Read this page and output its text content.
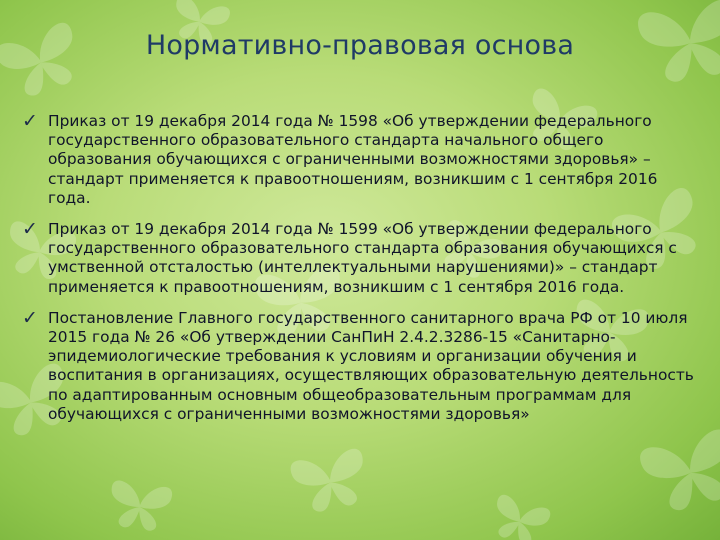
Нормативно-правовая основа
✓ Приказ от 19 декабря 2014 года № 1598 «Об утверждении федерального государственного образовательного стандарта начального общего образования обучающихся с ограниченными возможностями здоровья» – стандарт применяется к правоотношениям, возникшим с 1 сентября 2016 года.
✓ Приказ от 19 декабря 2014 года № 1599 «Об утверждении федерального государственного образовательного стандарта образования обучающихся с умственной отсталостью (интеллектуальными нарушениями)» – стандарт применяется к правоотношениям, возникшим с 1 сентября 2016 года.
✓ Постановление Главного государственного санитарного врача РФ от 10 июля 2015 года № 26 «Об утверждении СанПиН 2.4.2.3286-15 «Санитарно-эпидемиологические требования к условиям и организации обучения и воспитания в организациях, осуществляющих образовательную деятельность по адаптированным основным общеобразовательным программам для обучающихся с ограниченными возможностями здоровья»
